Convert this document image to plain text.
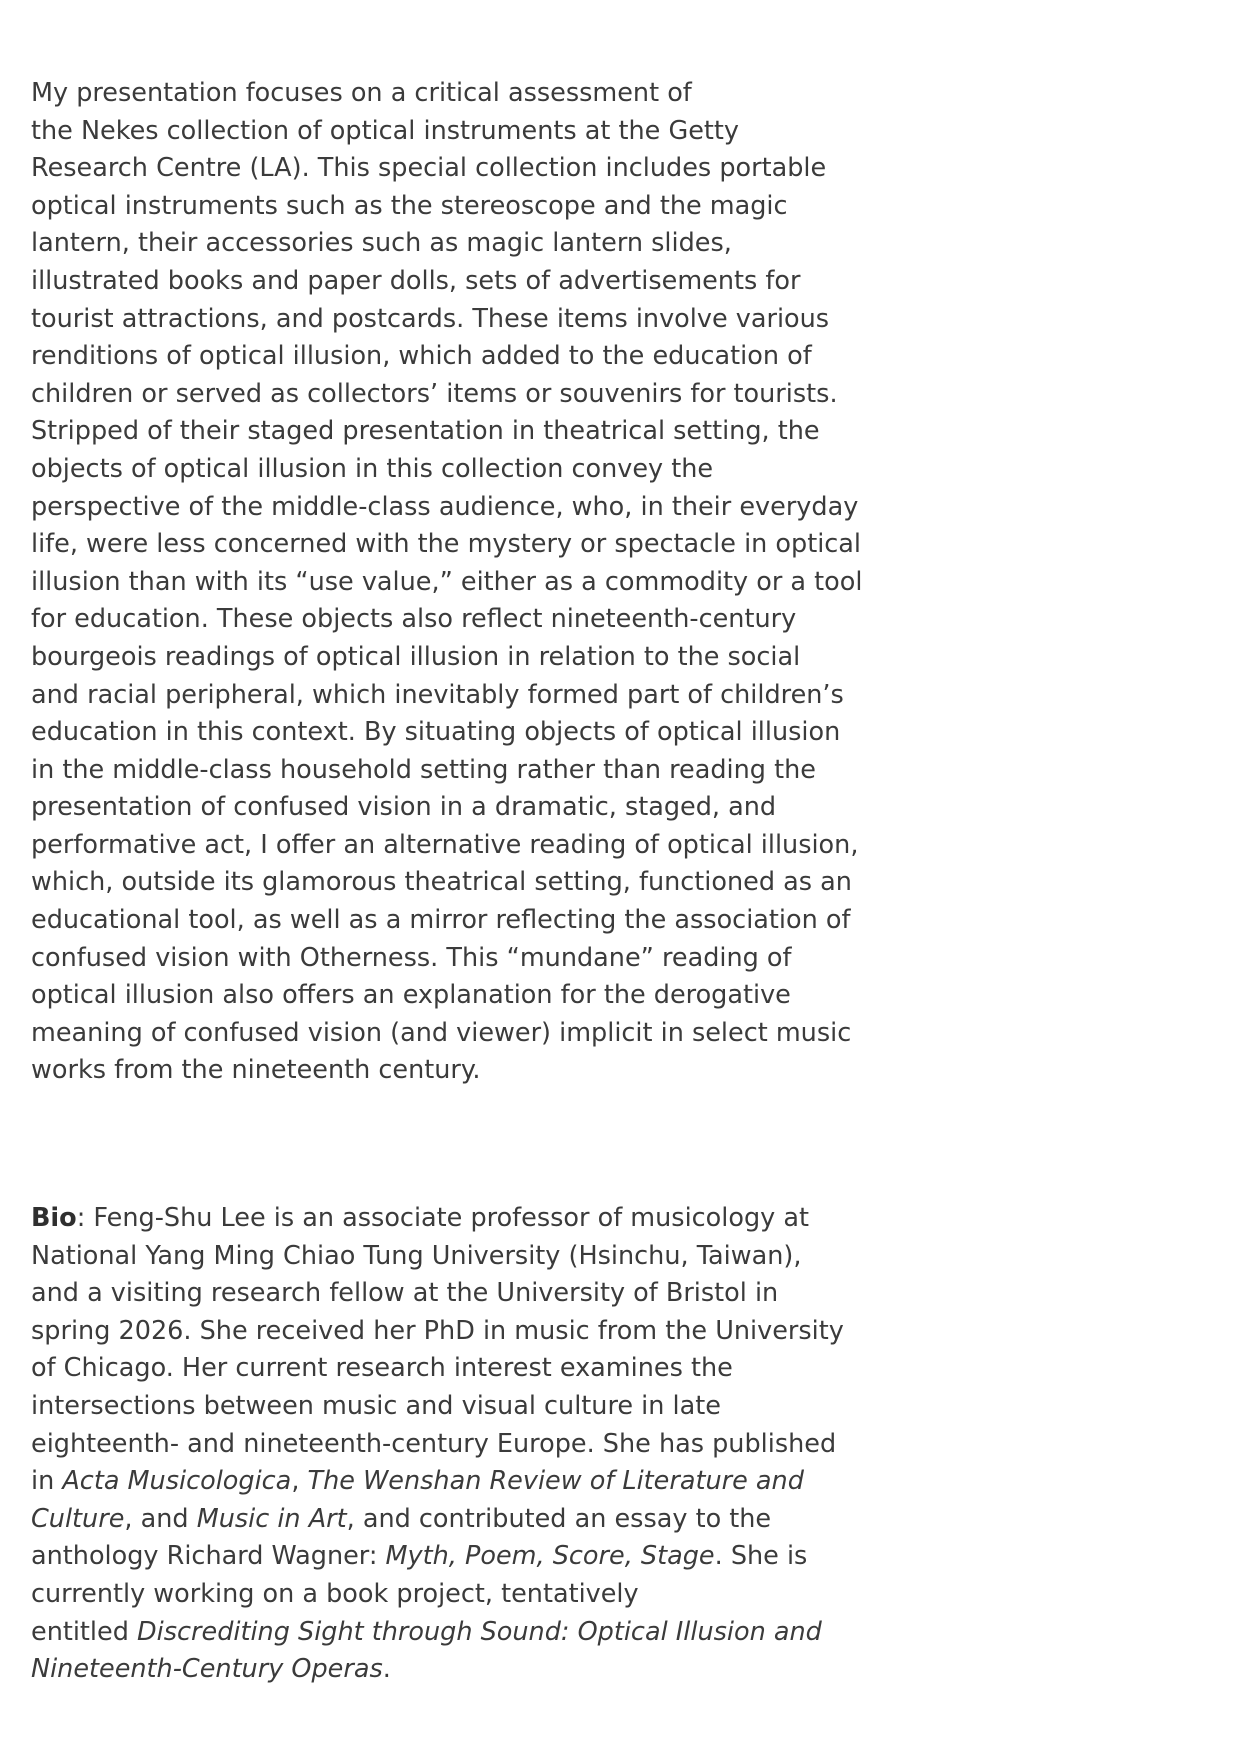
My presentation focuses on a critical assessment of
the Nekes collection of optical instruments at the Getty
Research Centre (LA). This special collection includes portable
optical instruments such as the stereoscope and the magic
lantern, their accessories such as magic lantern slides,
illustrated books and paper dolls, sets of advertisements for
tourist attractions, and postcards. These items involve various
renditions of optical illusion, which added to the education of
children or served as collectors’ items or souvenirs for tourists.
Stripped of their staged presentation in theatrical setting, the
objects of optical illusion in this collection convey the
perspective of the middle-class audience, who, in their everyday
life, were less concerned with the mystery or spectacle in optical
illusion than with its “use value,” either as a commodity or a tool
for education. These objects also reflect nineteenth-century
bourgeois readings of optical illusion in relation to the social
and racial peripheral, which inevitably formed part of children’s
education in this context. By situating objects of optical illusion
in the middle-class household setting rather than reading the
presentation of confused vision in a dramatic, staged, and
performative act, I offer an alternative reading of optical illusion,
which, outside its glamorous theatrical setting, functioned as an
educational tool, as well as a mirror reflecting the association of
confused vision with Otherness. This “mundane” reading of
optical illusion also offers an explanation for the derogative
meaning of confused vision (and viewer) implicit in select music
works from the nineteenth century.
Bio: Feng-Shu Lee is an associate professor of musicology at
National Yang Ming Chiao Tung University (Hsinchu, Taiwan),
and a visiting research fellow at the University of Bristol in
spring 2026. She received her PhD in music from the University
of Chicago. Her current research interest examines the
intersections between music and visual culture in late
eighteenth- and nineteenth-century Europe. She has published
in Acta Musicologica, The Wenshan Review of Literature and
Culture, and Music in Art, and contributed an essay to the
anthology Richard Wagner: Myth, Poem, Score, Stage. She is
currently working on a book project, tentatively
entitled Discrediting Sight through Sound: Optical Illusion and
Nineteenth-Century Operas.
